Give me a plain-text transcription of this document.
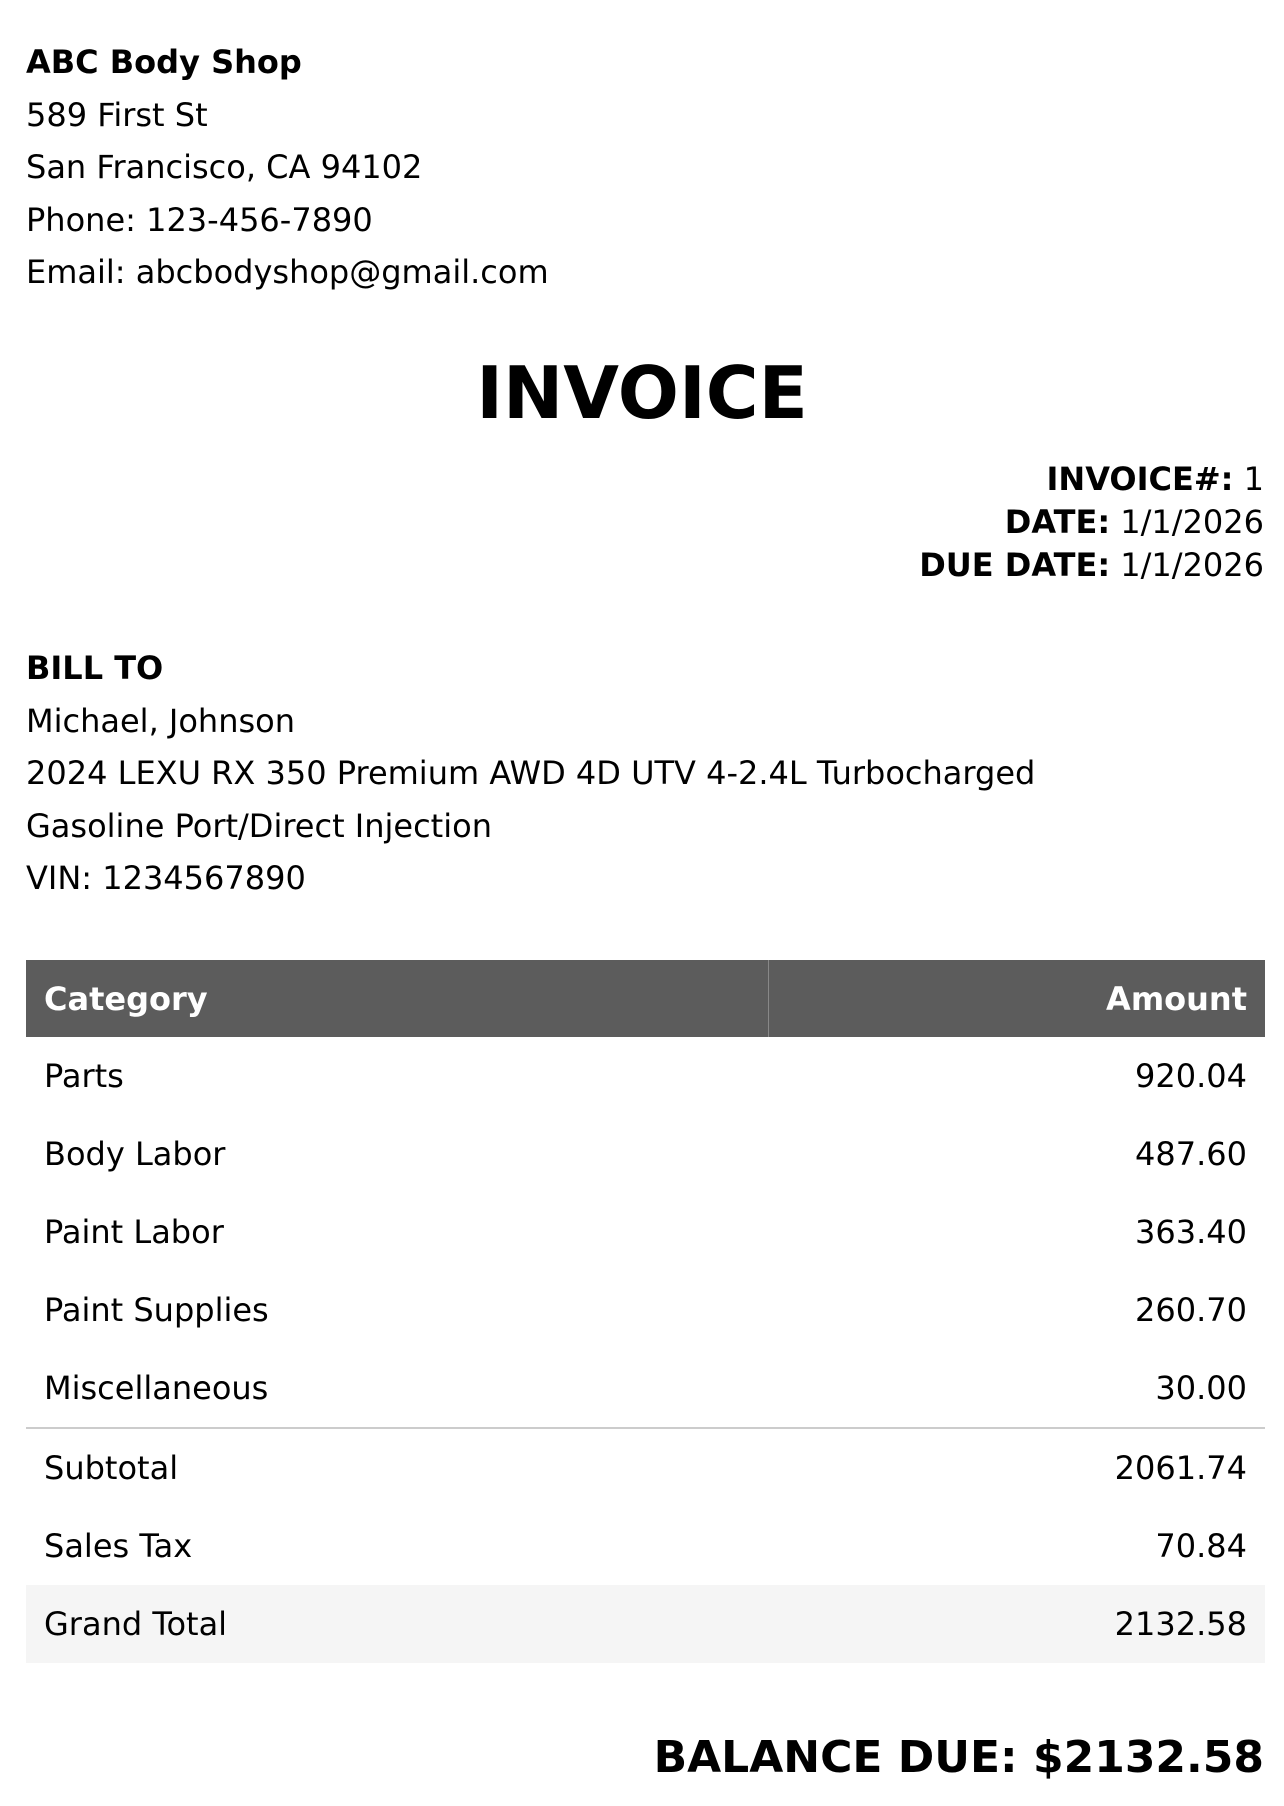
ABC Body Shop
589 First St
San Francisco, CA 94102
Phone: 123-456-7890
Email: abcbodyshop@gmail.com
INVOICE
INVOICE#: 1
DATE: 1/1/2026
DUE DATE: 1/1/2026
BILL TO
Michael, Johnson
2024 LEXU RX 350 Premium AWD 4D UTV 4-2.4L Turbocharged
Gasoline Port/Direct Injection
VIN: 1234567890
Category	Amount
Parts	920.04
Body Labor	487.60
Paint Labor	363.40
Paint Supplies	260.70
Miscellaneous	30.00
Subtotal	2061.74
Sales Tax	70.84
Grand Total	2132.58
BALANCE DUE: $2132.58
